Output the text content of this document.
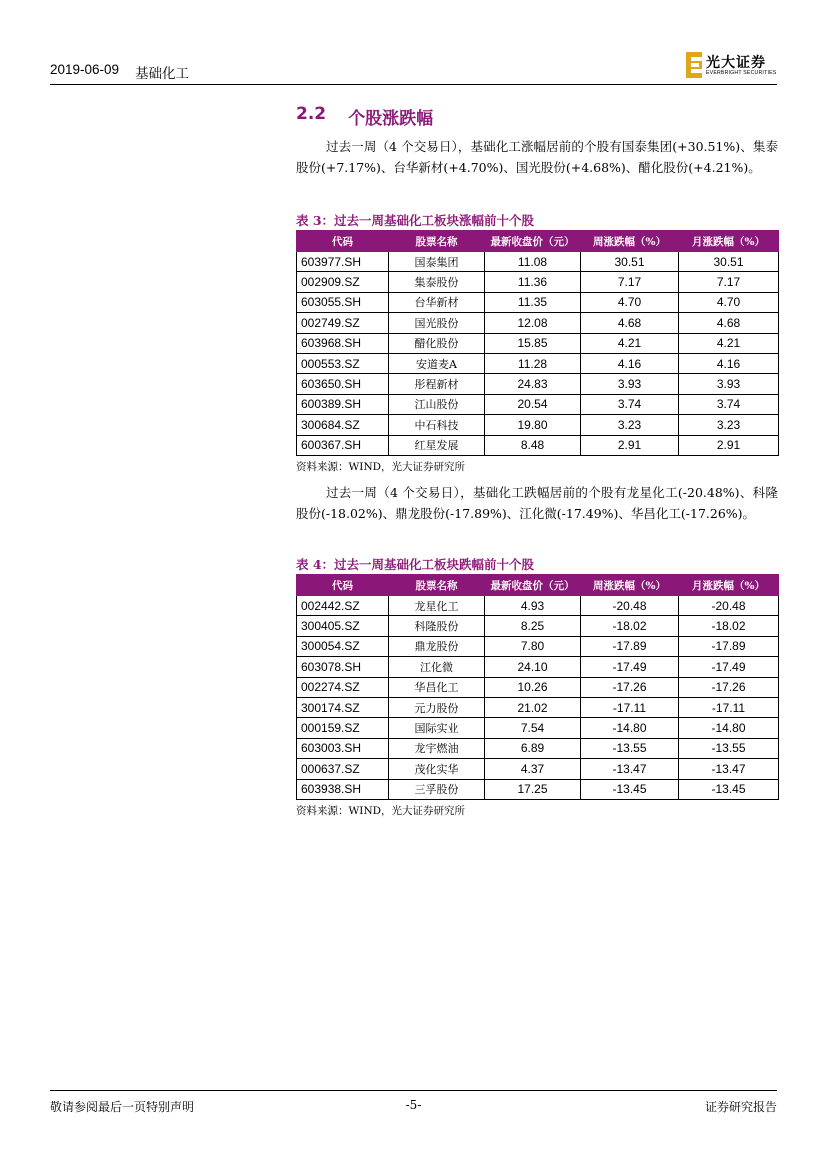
2019-06-09 基础化工
光大证券
EVERBRIGHT SECURITIES
2.2 个股涨跌幅

过去一周（4 个交易日），基础化工涨幅居前的个股有国泰集团(+30.51%)、集泰股份(+7.17%)、台华新材(+4.70%)、国光股份(+4.68%)、醋化股份(+4.21%)。

表 3：过去一周基础化工板块涨幅前十个股
代码	股票名称	最新收盘价（元）	周涨跌幅（%）	月涨跌幅（%）
603977.SH	国泰集团	11.08	30.51	30.51
002909.SZ	集泰股份	11.36	7.17	7.17
603055.SH	台华新材	11.35	4.70	4.70
002749.SZ	国光股份	12.08	4.68	4.68
603968.SH	醋化股份	15.85	4.21	4.21
000553.SZ	安道麦A	11.28	4.16	4.16
603650.SH	彤程新材	24.83	3.93	3.93
600389.SH	江山股份	20.54	3.74	3.74
300684.SZ	中石科技	19.80	3.23	3.23
600367.SH	红星发展	8.48	2.91	2.91
资料来源：WIND，光大证券研究所

过去一周（4 个交易日），基础化工跌幅居前的个股有龙星化工(-20.48%)、科隆股份(-18.02%)、鼎龙股份(-17.89%)、江化微(-17.49%)、华昌化工(-17.26%)。

表 4：过去一周基础化工板块跌幅前十个股
代码	股票名称	最新收盘价（元）	周涨跌幅（%）	月涨跌幅（%）
002442.SZ	龙星化工	4.93	-20.48	-20.48
300405.SZ	科隆股份	8.25	-18.02	-18.02
300054.SZ	鼎龙股份	7.80	-17.89	-17.89
603078.SH	江化微	24.10	-17.49	-17.49
002274.SZ	华昌化工	10.26	-17.26	-17.26
300174.SZ	元力股份	21.02	-17.11	-17.11
000159.SZ	国际实业	7.54	-14.80	-14.80
603003.SH	龙宇燃油	6.89	-13.55	-13.55
000637.SZ	茂化实华	4.37	-13.47	-13.47
603938.SH	三孚股份	17.25	-13.45	-13.45
资料来源：WIND，光大证券研究所
敬请参阅最后一页特别声明	-5-	证券研究报告
